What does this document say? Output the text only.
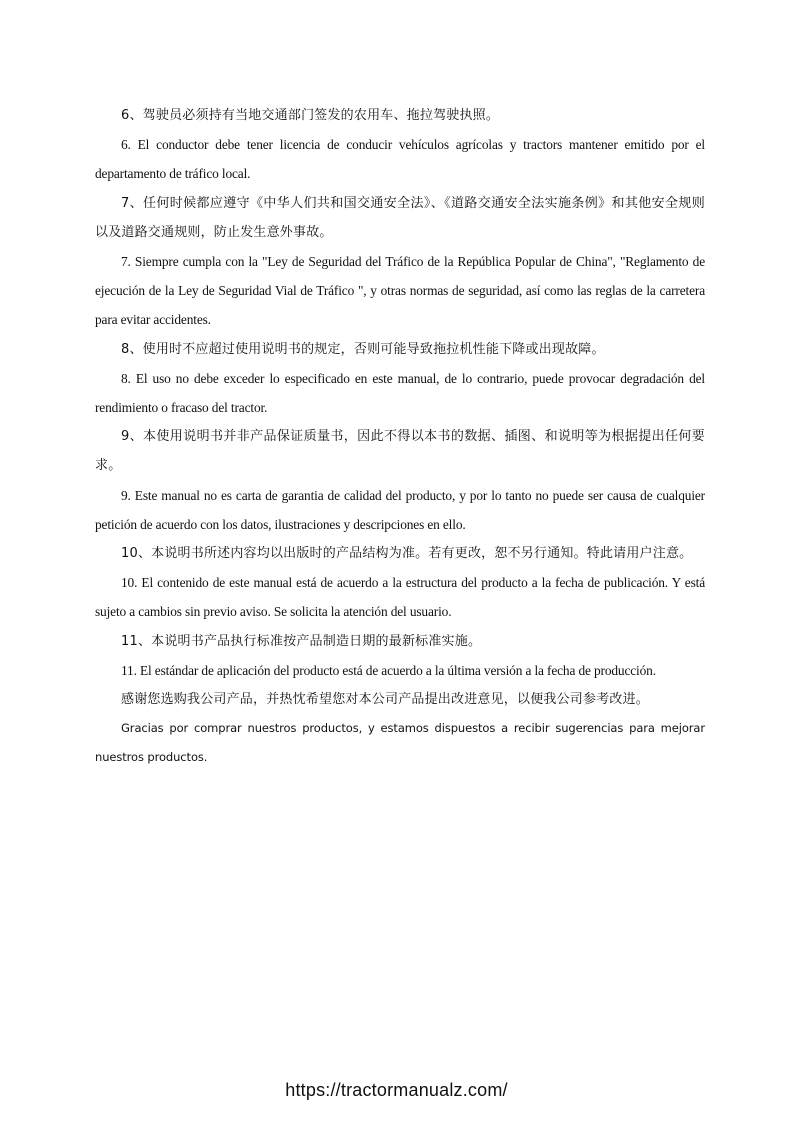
6、驾驶员必须持有当地交通部门签发的农用车、拖拉驾驶执照。

6. El conductor debe tener licencia de conducir vehículos agrícolas y tractors mantener emitido por el departamento de tráfico local.

7、任何时候都应遵守《中华人们共和国交通安全法》、《道路交通安全法实施条例》和其他安全规则以及道路交通规则，防止发生意外事故。

7. Siempre cumpla con la "Ley de Seguridad del Tráfico de la República Popular de China", "Reglamento de ejecución de la Ley de Seguridad Vial de Tráfico ", y otras normas de seguridad, así como las reglas de la carretera para evitar accidentes.

8、使用时不应超过使用说明书的规定，否则可能导致拖拉机性能下降或出现故障。

8. El uso no debe exceder lo especificado en este manual, de lo contrario, puede provocar degradación del rendimiento o fracaso del tractor.

9、本使用说明书并非产品保证质量书，因此不得以本书的数据、插图、和说明等为根据提出任何要求。

9. Este manual no es carta de garantia de calidad del producto, y por lo tanto no puede ser causa de cualquier petición de acuerdo con los datos, ilustraciones y descripciones en ello.

10、本说明书所述内容均以出版时的产品结构为准。若有更改，恕不另行通知。特此请用户注意。

10. El contenido de este manual está de acuerdo a la estructura del producto a la fecha de publicación. Y está sujeto a cambios sin previo aviso. Se solicita la atención del usuario.

11、本说明书产品执行标准按产品制造日期的最新标准实施。

11. El estándar de aplicación del producto está de acuerdo a la última versión a la fecha de producción.

感谢您选购我公司产品，并热忱希望您对本公司产品提出改进意见，以便我公司参考改进。

Gracias por comprar nuestros productos, y estamos dispuestos a recibir sugerencias para mejorar nuestros productos.

https://tractormanualz.com/
